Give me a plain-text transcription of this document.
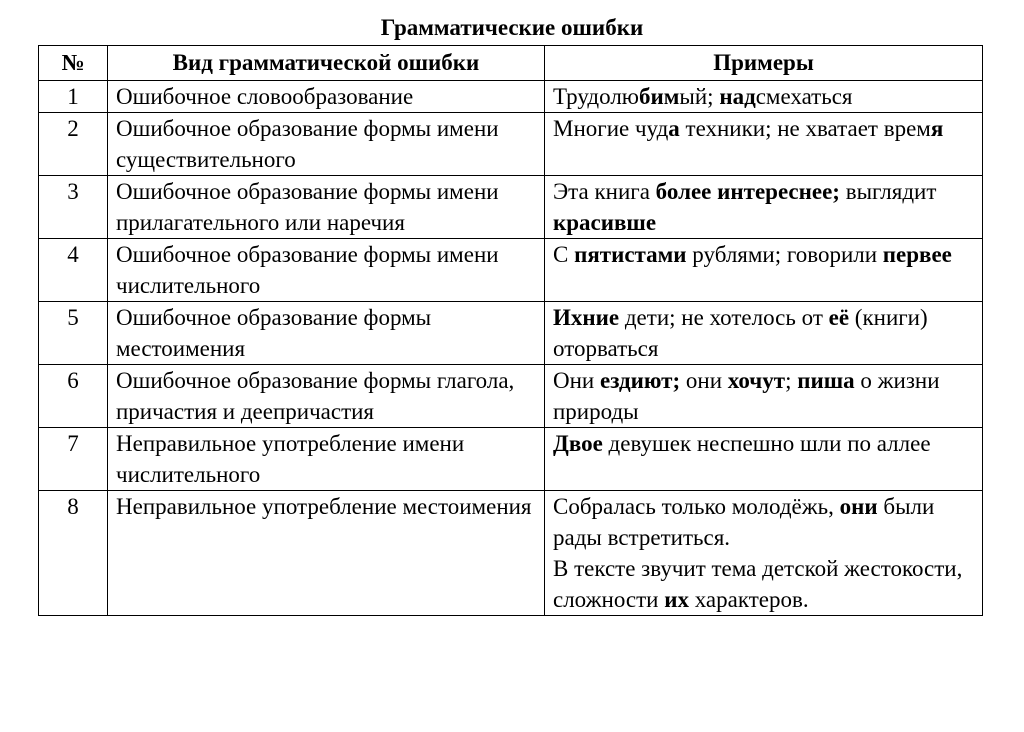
Грамматические ошибки
№	Вид грамматической ошибки	Примеры
1	Ошибочное словообразование	Трудолюбимый; надсмехаться
2	Ошибочное образование формы имени существительного	Многие чуда техники; не хватает время
3	Ошибочное образование формы имени прилагательного или наречия	Эта книга более интереснее; выглядит красивше
4	Ошибочное образование формы имени числительного	С пятистами рублями; говорили первее
5	Ошибочное образование формы местоимения	Ихние дети; не хотелось от её (книги) оторваться
6	Ошибочное образование формы глагола, причастия и деепричастия	Они ездиют; они хочут; пиша о жизни природы
7	Неправильное употребление имени числительного	Двое девушек неспешно шли по аллее
8	Неправильное употребление местоимения	Собралась только молодёжь, они были рады встретиться.
В тексте звучит тема детской жестокости, сложности их характеров.
